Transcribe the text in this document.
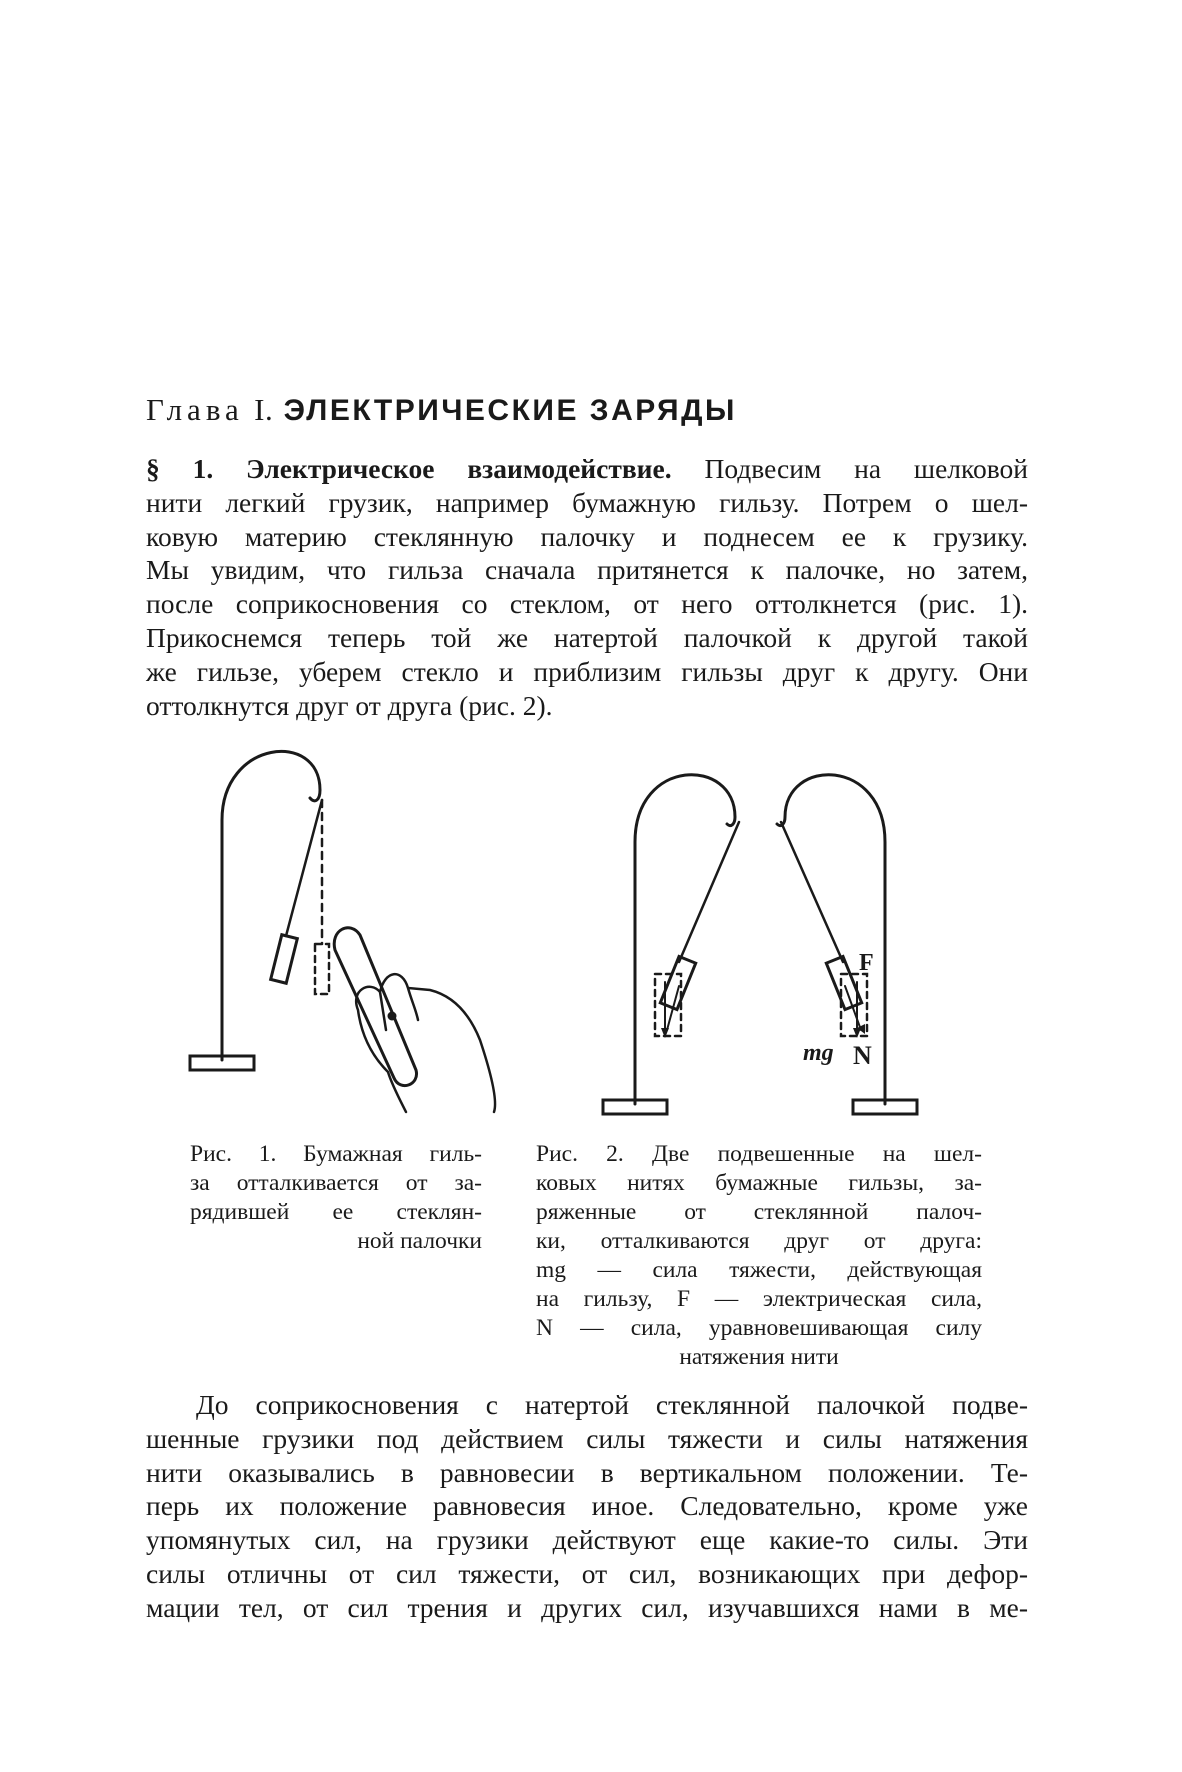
Глава I. ЭЛЕКТРИЧЕСКИЕ ЗАРЯДЫ
§ 1. Электрическое взаимодействие. Подвесим на шелковой
нити легкий грузик, например бумажную гильзу. Потрем о шел-
ковую материю стеклянную палочку и поднесем ее к грузику.
Мы увидим, что гильза сначала притянется к палочке, но затем,
после соприкосновения со стеклом, от него оттолкнется (рис. 1).
Прикоснемся теперь той же натертой палочкой к другой такой
же гильзе, уберем стекло и приблизим гильзы друг к другу. Они
оттолкнутся друг от друга (рис. 2).
Рис. 1. Бумажная гиль-
за отталкивается от за-
рядившей ее стеклян-
ной палочки
F
mg N
Рис. 2. Две подвешенные на шел-
ковых нитях бумажные гильзы, за-
ряженные от стеклянной палоч-
ки, отталкиваются друг от друга:
mg — сила тяжести, действующая
на гильзу, F — электрическая сила,
N — сила, уравновешивающая силу
натяжения нити
До соприкосновения с натертой стеклянной палочкой подве-
шенные грузики под действием силы тяжести и силы натяжения
нити оказывались в равновесии в вертикальном положении. Те-
перь их положение равновесия иное. Следовательно, кроме уже
упомянутых сил, на грузики действуют еще какие-то силы. Эти
силы отличны от сил тяжести, от сил, возникающих при дефор-
мации тел, от сил трения и других сил, изучавшихся нами в ме-
